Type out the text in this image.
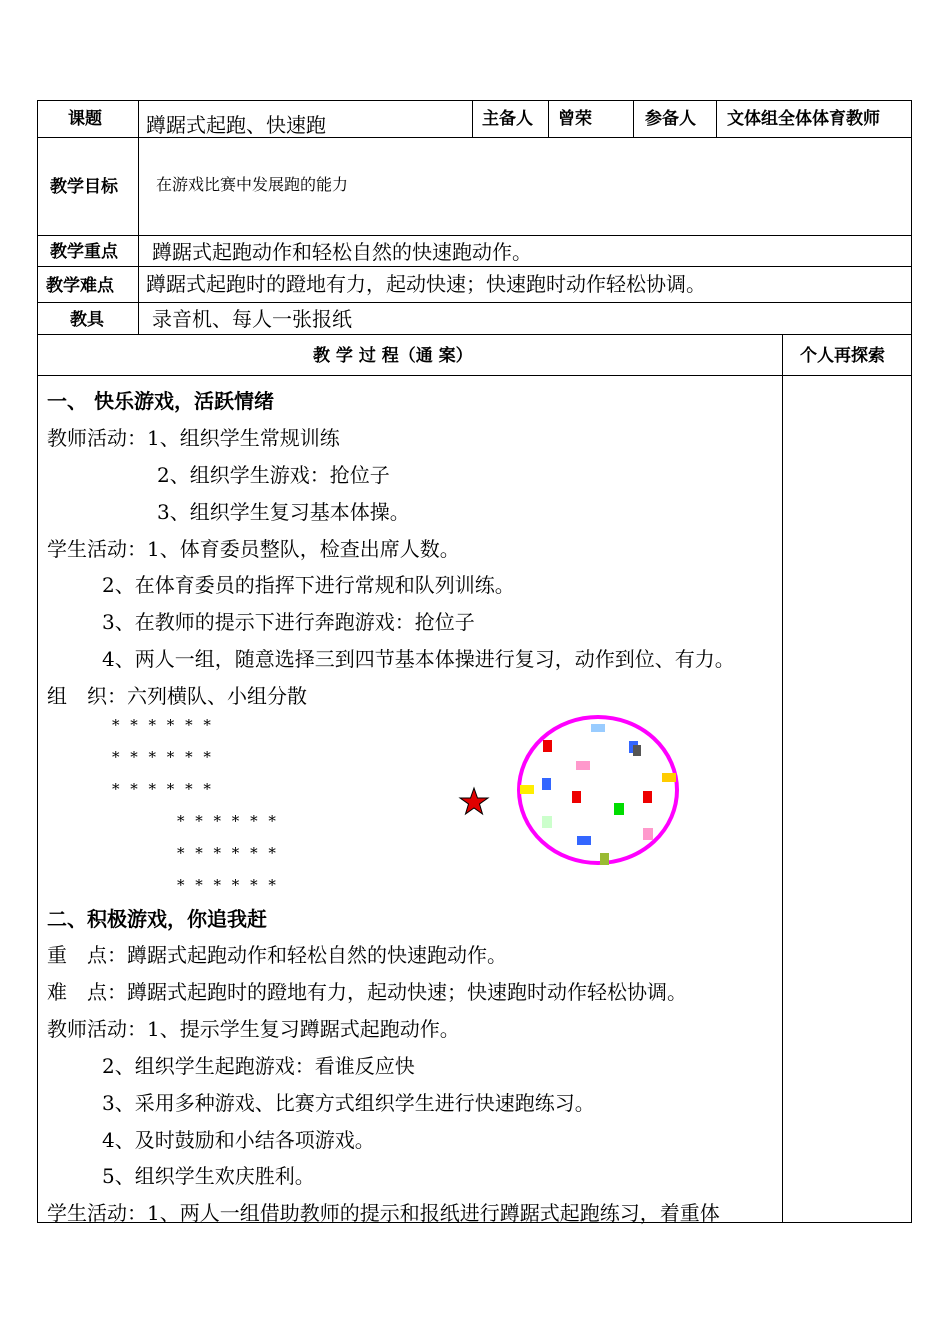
课题 蹲踞式起跑、快速跑	主备人 曾荣	参备人 文体组全体体育教师
教学目标 在游戏比赛中发展跑的能力
教学重点 蹲踞式起跑动作和轻松自然的快速跑动作。
教学难点 蹲踞式起跑时的蹬地有力，起动快速；快速跑时动作轻松协调。
教具 录音机、每人一张报纸
教 学 过 程（通 案）	个人再探索
一、 快乐游戏，活跃情绪
教师活动：1、组织学生常规训练
2、组织学生游戏：抢位子
3、组织学生复习基本体操。
学生活动：1、体育委员整队，检查出席人数。
2、在体育委员的指挥下进行常规和队列训练。
3、在教师的提示下进行奔跑游戏：抢位子
4、两人一组，随意选择三到四节基本体操进行复习，动作到位、有力。
组　织：六列横队、小组分散
* * * * * *
* * * * * *
* * * * * *
* * * * * *
* * * * * *
* * * * * *
二、积极游戏，你追我赶
重　点：蹲踞式起跑动作和轻松自然的快速跑动作。
难　点：蹲踞式起跑时的蹬地有力，起动快速；快速跑时动作轻松协调。
教师活动：1、提示学生复习蹲踞式起跑动作。
2、组织学生起跑游戏：看谁反应快
3、采用多种游戏、比赛方式组织学生进行快速跑练习。
4、及时鼓励和小结各项游戏。
5、组织学生欢庆胜利。
学生活动：1、两人一组借助教师的提示和报纸进行蹲踞式起跑练习，着重体
